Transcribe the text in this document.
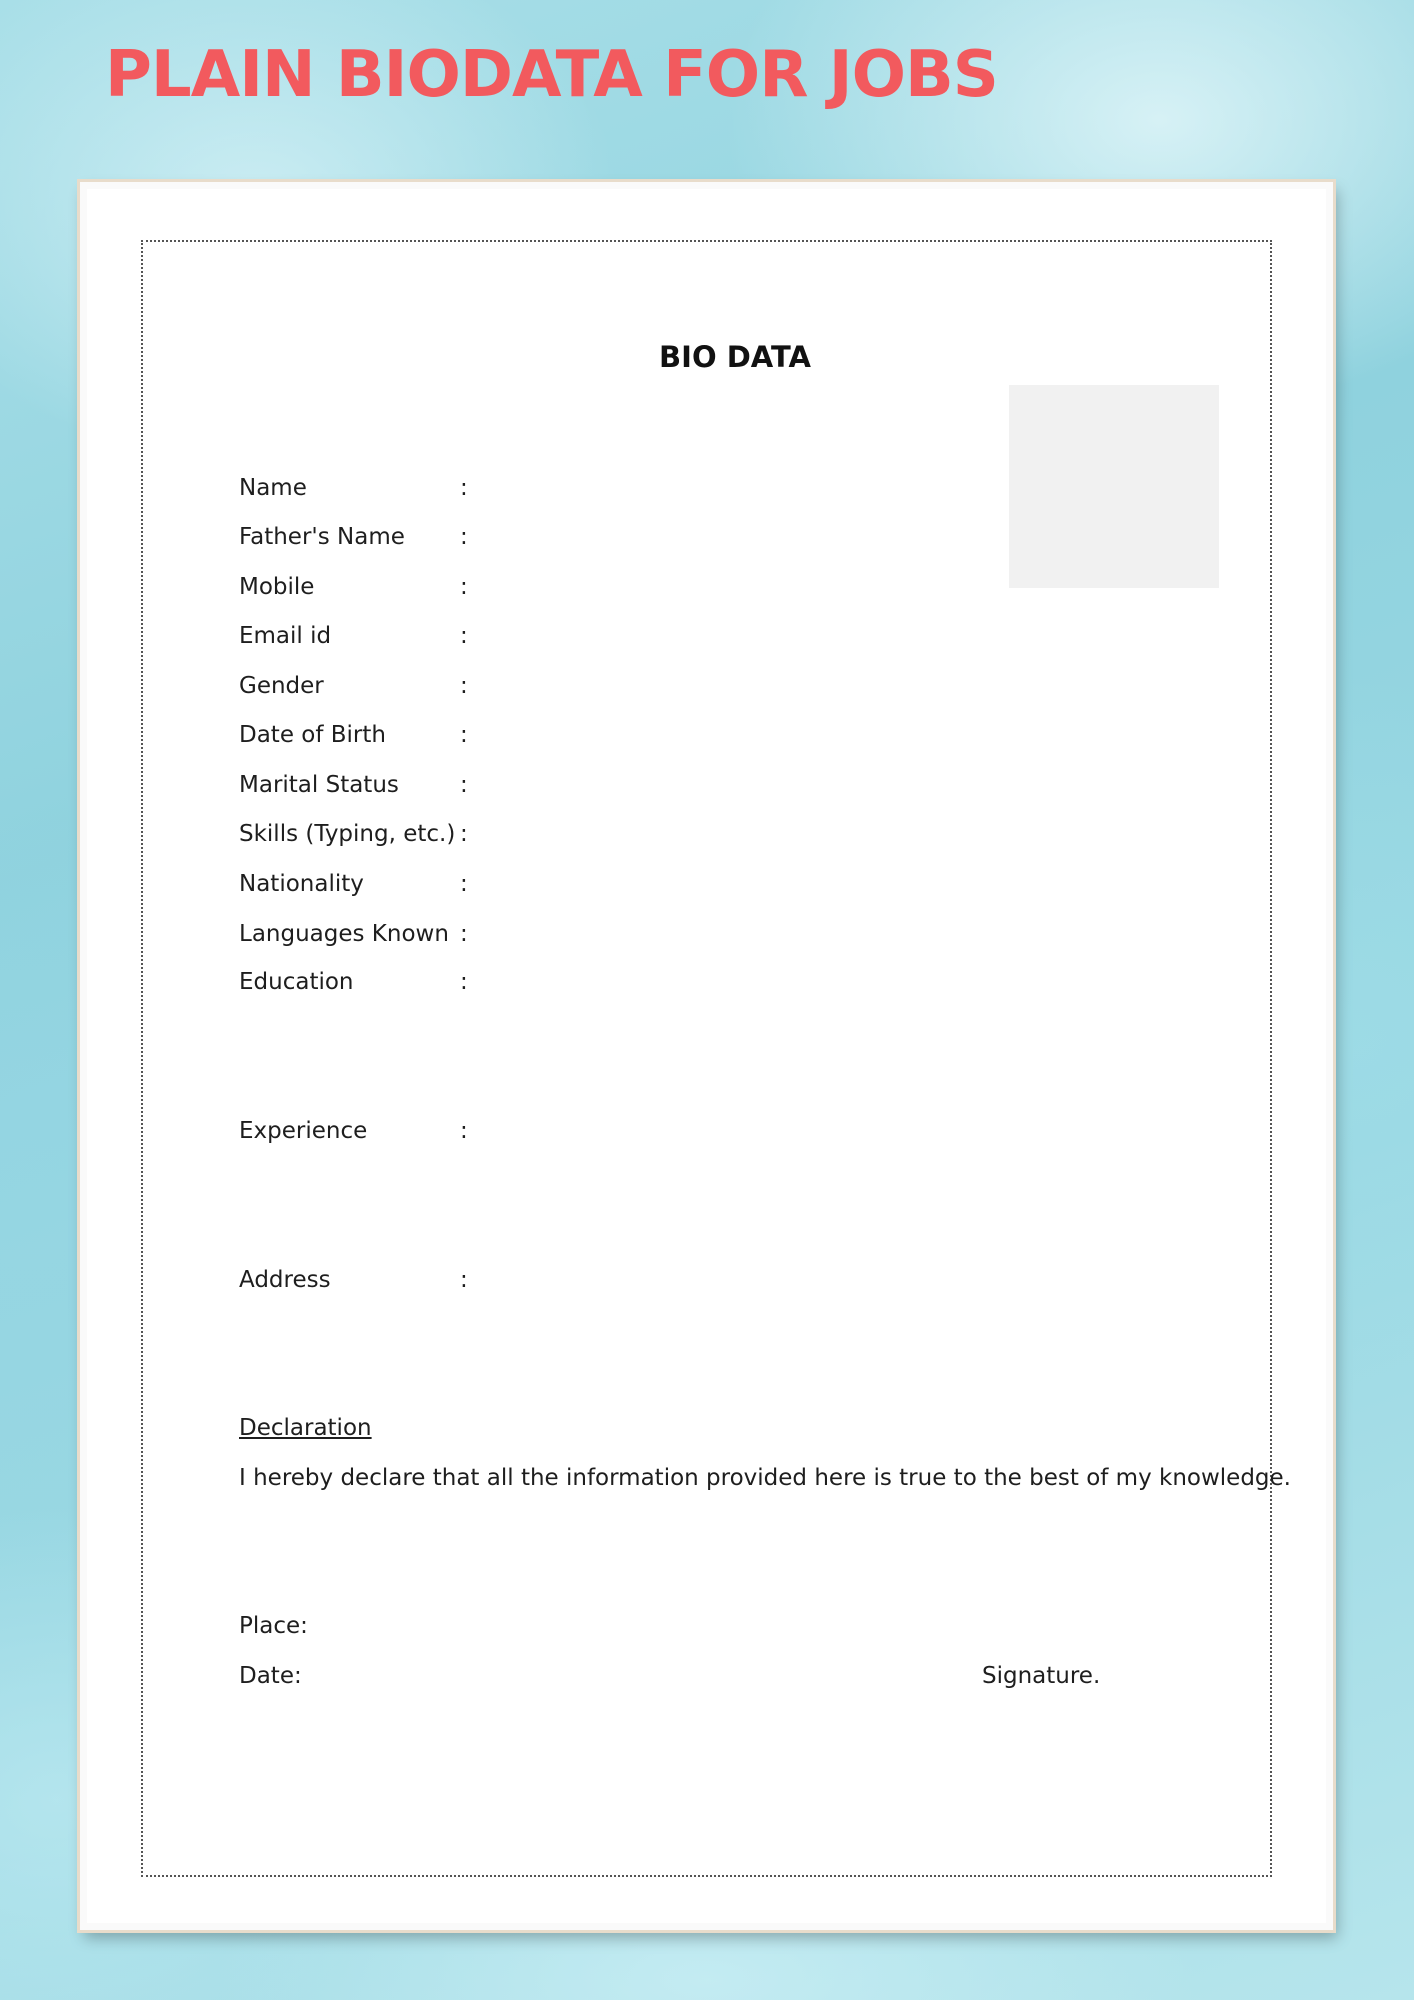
PLAIN BIODATA FOR JOBS
BIO DATA
Name	:
Father's Name :
Mobile	:
Email id	:
Gender	:
Date of Birth	:
Marital Status	:
Skills (Typing, etc.) :
Nationality	:
Languages Known :
Education	:
Experience	:
Address	:
Declaration
I hereby declare that all the information provided here is true to the best of my knowledge.
Place:
Date:	Signature.
